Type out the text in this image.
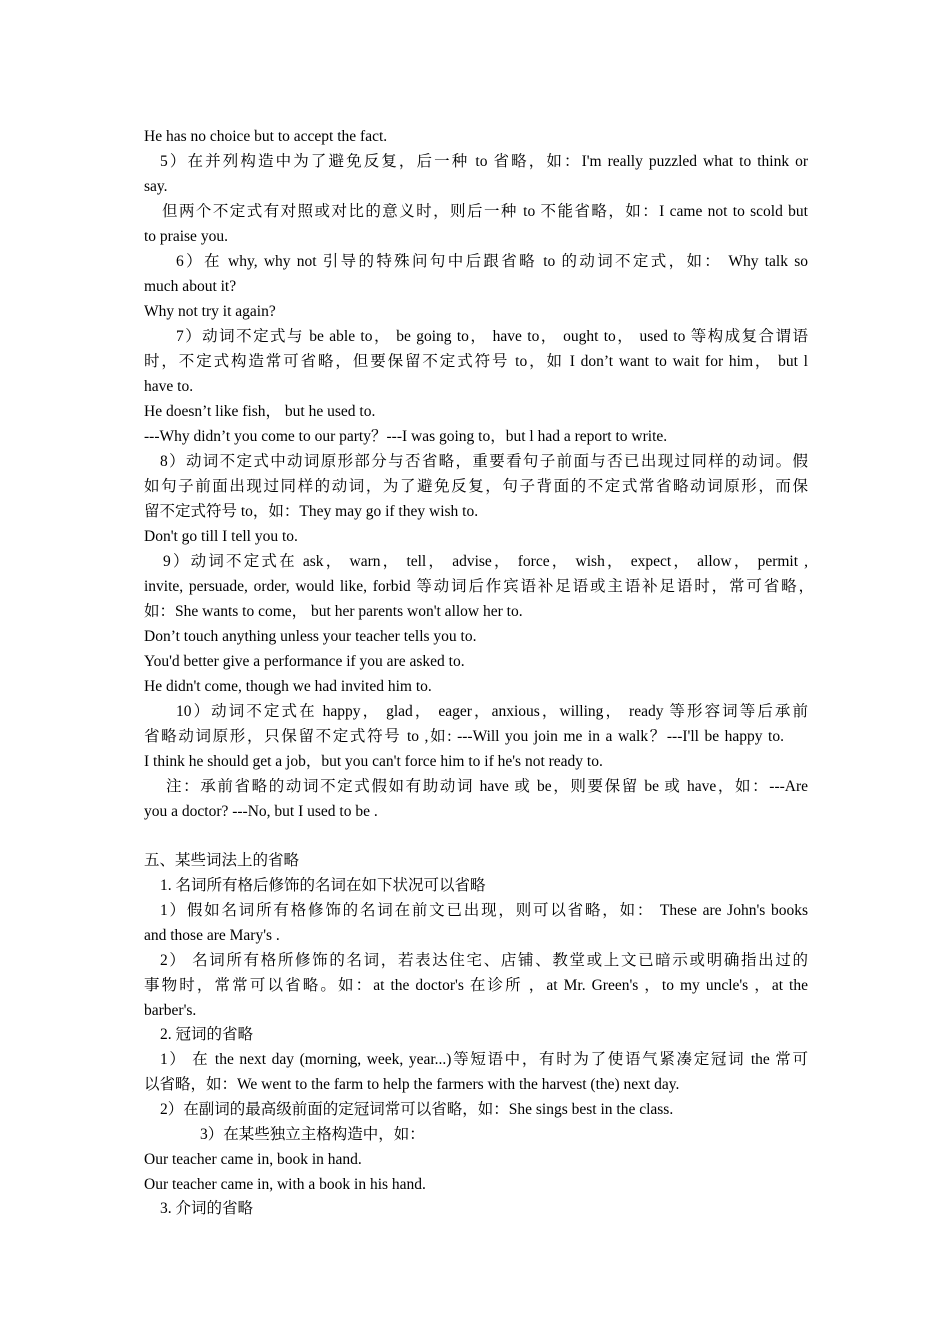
He has no choice but to accept the fact.
5）在并列构造中为了避免反复，后一种 to 省略，如：I'm really puzzled what to think or
say.
但两个不定式有对照或对比的意义时，则后一种 to 不能省略，如：I came not to scold but
to praise you.
6）在 why, why not 引导的特殊问句中后跟省略 to 的动词不定式，如： Why talk so
much about it?
Why not try it again?
7）动词不定式与 be able to， be going to， have to， ought to， used to 等构成复合谓语
时，不定式构造常可省略，但要保留不定式符号 to，如 I don’t want to wait for him， but l
have to.
He doesn’t like fish， but he used to.
---Why didn’t you come to our party？---I was going to，but l had a report to write.
8）动词不定式中动词原形部分与否省略，重要看句子前面与否已出现过同样的动词。假
如句子前面出现过同样的动词，为了避免反复，句子背面的不定式常省略动词原形，而保
留不定式符号 to，如：They may go if they wish to.
Don't go till I tell you to.
9）动词不定式在 ask， warn， tell， advise， force， wish， expect， allow， permit ,
invite, persuade, order, would like, forbid 等动词后作宾语补足语或主语补足语时，常可省略，
如：She wants to come， but her parents won't allow her to.
Don’t touch anything unless your teacher tells you to.
You'd better give a performance if you are asked to.
He didn't come, though we had invited him to.
10）动词不定式在 happy， glad， eager，anxious，willing， ready 等形容词等后承前
省略动词原形，只保留不定式符号 to ,如: ---Will you join me in a walk？---I'll be happy to.
I think he should get a job，but you can't force him to if he's not ready to.
注：承前省略的动词不定式假如有助动词 have 或 be，则要保留 be 或 have，如：---Are
you a doctor? ---No, but I used to be .
五、某些词法上的省略
1. 名词所有格后修饰的名词在如下状况可以省略
1）假如名词所有格修饰的名词在前文已出现，则可以省略，如： These are John's books
and those are Mary's .
2） 名词所有格所修饰的名词，若表达住宅、店铺、教堂或上文已暗示或明确指出过的
事物时，常常可以省略。如：at the doctor's 在诊所 ，at Mr. Green's ，to my uncle's ，at the
barber's.
2. 冠词的省略
1） 在 the next day (morning, week, year...)等短语中，有时为了使语气紧凑定冠词 the 常可
以省略，如：We went to the farm to help the farmers with the harvest (the) next day.
2）在副词的最高级前面的定冠词常可以省略，如：She sings best in the class.
3）在某些独立主格构造中，如：
Our teacher came in, book in hand.
Our teacher came in, with a book in his hand.
3. 介词的省略
